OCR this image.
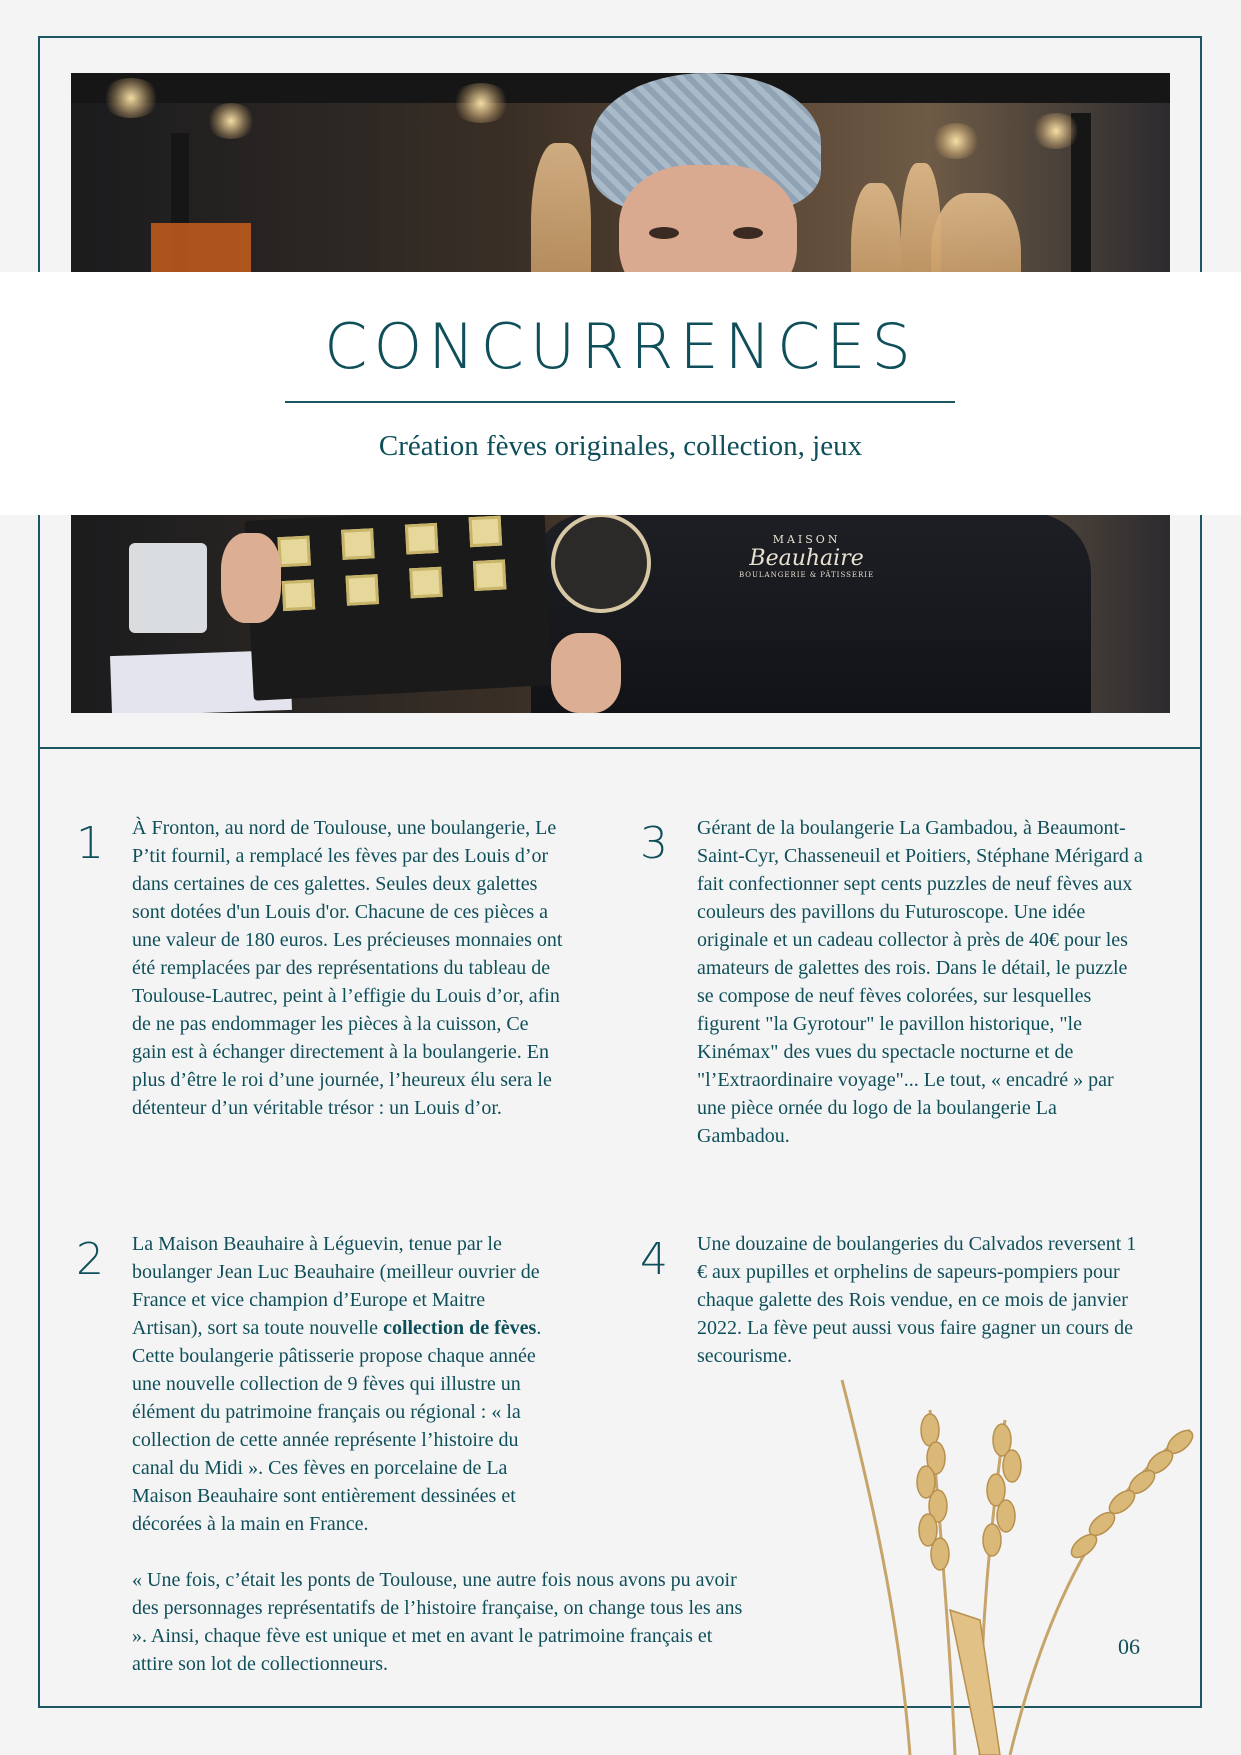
MAISON
Beauhaire
BOULANGERIE & PÂTISSERIE
CONCURRENCES
Création fèves originales, collection, jeux
1 À Fronton, au nord de Toulouse, une boulangerie, Le P’tit fournil, a remplacé les fèves par des Louis d’or dans certaines de ces galettes. Seules deux galettes sont dotées d'un Louis d'or. Chacune de ces pièces a une valeur de 180 euros. Les précieuses monnaies ont été remplacées par des représentations du tableau de Toulouse-Lautrec, peint à l’effigie du Louis d’or, afin de ne pas endommager les pièces à la cuisson, Ce gain est à échanger directement à la boulangerie. En plus d’être le roi d’une journée, l’heureux élu sera le détenteur d’un véritable trésor : un Louis d’or.

3 Gérant de la boulangerie La Gambadou, à Beaumont-Saint-Cyr, Chasseneuil et Poitiers, Stéphane Mérigard a fait confectionner sept cents puzzles de neuf fèves aux couleurs des pavillons du Futuroscope. Une idée originale et un cadeau collector à près de 40€ pour les amateurs de galettes des rois. Dans le détail, le puzzle se compose de neuf fèves colorées, sur lesquelles figurent "la Gyrotour" le pavillon historique, "le Kinémax" des vues du spectacle nocturne et de "l’Extraordinaire voyage"... Le tout, « encadré » par une pièce ornée du logo de la boulangerie La Gambadou.

2 La Maison Beauhaire à Léguevin, tenue par le boulanger Jean Luc Beauhaire (meilleur ouvrier de France et vice champion d’Europe et Maitre Artisan), sort sa toute nouvelle collection de fèves. Cette boulangerie pâtisserie propose chaque année une nouvelle collection de 9 fèves qui illustre un élément du patrimoine français ou régional : « la collection de cette année représente l’histoire du canal du Midi ». Ces fèves en porcelaine de La Maison Beauhaire sont entièrement dessinées et décorées à la main en France.

« Une fois, c’était les ponts de Toulouse, une autre fois nous avons pu avoir des personnages représentatifs de l’histoire française, on change tous les ans ». Ainsi, chaque fève est unique et met en avant le patrimoine français et attire son lot de collectionneurs.

4 Une douzaine de boulangeries du Calvados reversent 1 € aux pupilles et orphelins de sapeurs-pompiers pour chaque galette des Rois vendue, en ce mois de janvier 2022. La fève peut aussi vous faire gagner un cours de secourisme.

06
